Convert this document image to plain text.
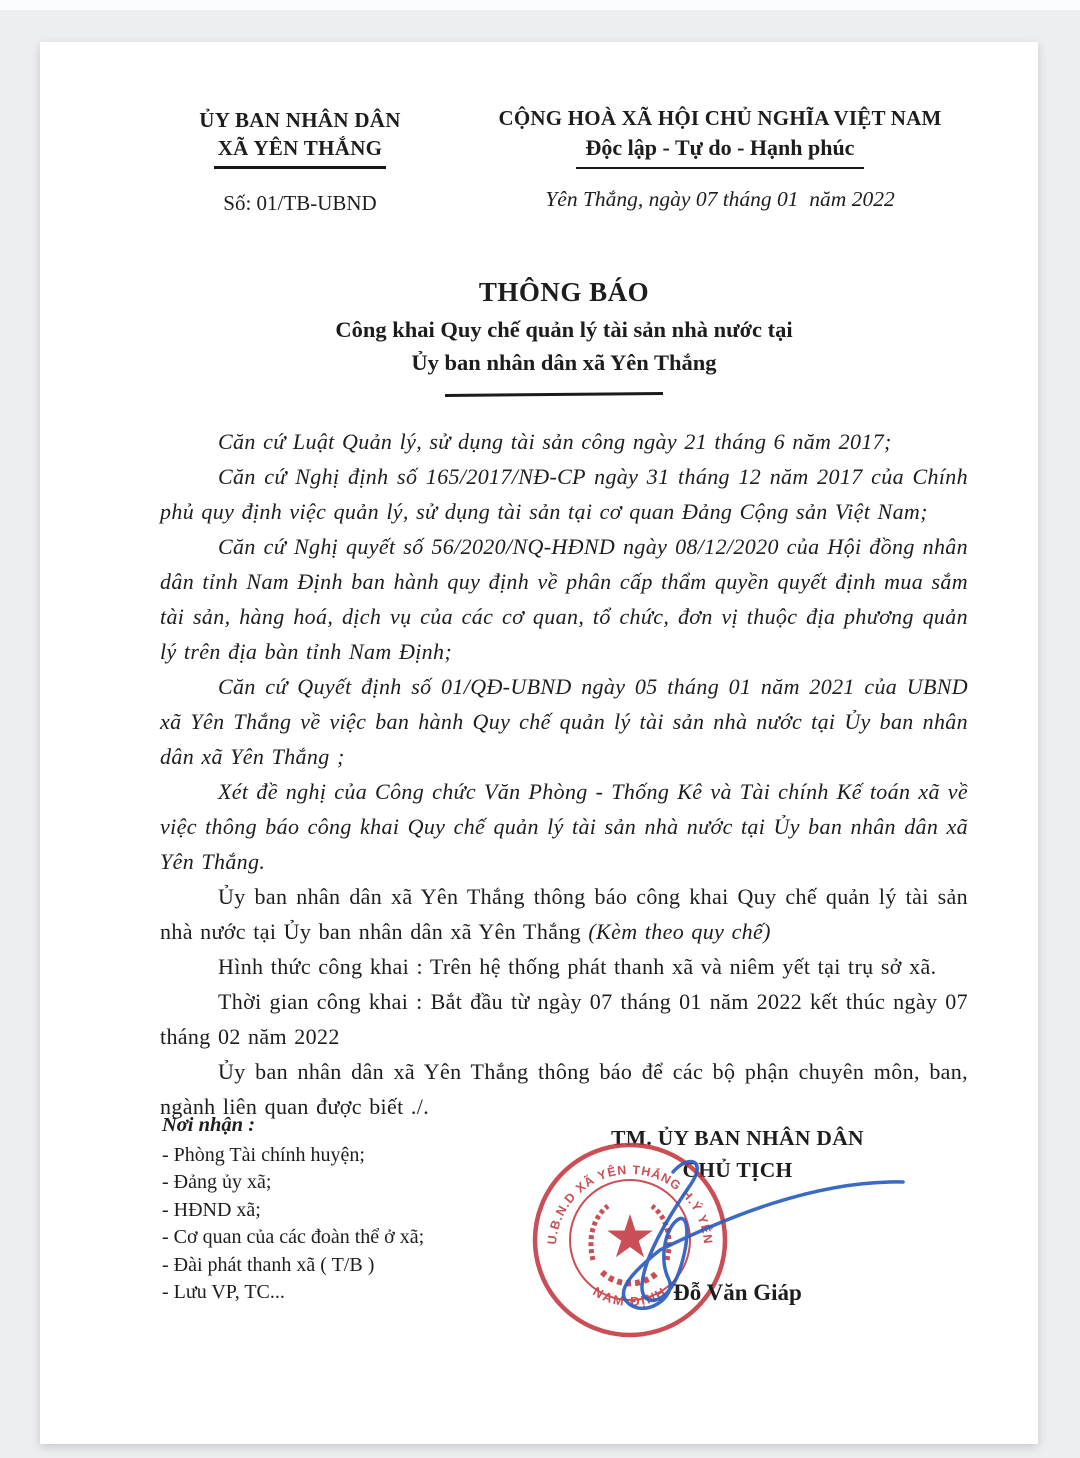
ỦY BAN NHÂN DÂN
XÃ YÊN THẮNG
Số: 01/TB-UBND
CỘNG HOÀ XÃ HỘI CHỦ NGHĨA VIỆT NAM
Độc lập - Tự do - Hạnh phúc
Yên Thắng, ngày 07 tháng 01  năm 2022
THÔNG BÁO
Công khai Quy chế quản lý tài sản nhà nước tại
Ủy ban nhân dân xã Yên Thắng

Căn cứ Luật Quản lý, sử dụng tài sản công ngày 21 tháng 6 năm 2017;

Căn cứ Nghị định số 165/2017/NĐ-CP ngày 31 tháng 12 năm 2017 của Chính phủ quy định việc quản lý, sử dụng tài sản tại cơ quan Đảng Cộng sản Việt Nam;

Căn cứ Nghị quyết số 56/2020/NQ-HĐND ngày 08/12/2020 của Hội đồng nhân dân tỉnh Nam Định ban hành quy định về phân cấp thẩm quyền quyết định mua sắm tài sản, hàng hoá, dịch vụ của các cơ quan, tổ chức, đơn vị thuộc địa phương quản lý trên địa bàn tỉnh Nam Định;

Căn cứ Quyết định số 01/QĐ-UBND ngày 05 tháng 01 năm 2021 của UBND xã Yên Thắng về việc ban hành Quy chế quản lý tài sản nhà nước tại Ủy ban nhân dân xã Yên Thắng ;

Xét đề nghị của Công chức Văn Phòng - Thống Kê và Tài chính Kế toán xã về việc thông báo công khai Quy chế quản lý tài sản nhà nước tại Ủy ban nhân dân xã Yên Thắng.

Ủy ban nhân dân xã Yên Thắng thông báo công khai Quy chế quản lý tài sản nhà nước tại Ủy ban nhân dân xã Yên Thắng (Kèm theo quy chế)

Hình thức công khai : Trên hệ thống phát thanh xã và niêm yết tại trụ sở xã.

Thời gian công khai : Bắt đầu từ ngày 07 tháng 01 năm 2022 kết thúc ngày 07 tháng 02 năm 2022

Ủy ban nhân dân xã Yên Thắng thông báo để các bộ phận chuyên môn, ban, ngành liên quan được biết ./.

Nơi nhận :
- Phòng Tài chính huyện;
- Đảng ủy xã;
- HĐND xã;
- Cơ quan của các đoàn thể ở xã;
- Đài phát thanh xã ( T/B )
- Lưu VP, TC...
TM. ỦY BAN NHÂN DÂN
CHỦ TỊCH
U.B.N.D XÃ YÊN THẮNG H.Ý YÊN
NAM ĐỊNH Đỗ Văn Giáp
